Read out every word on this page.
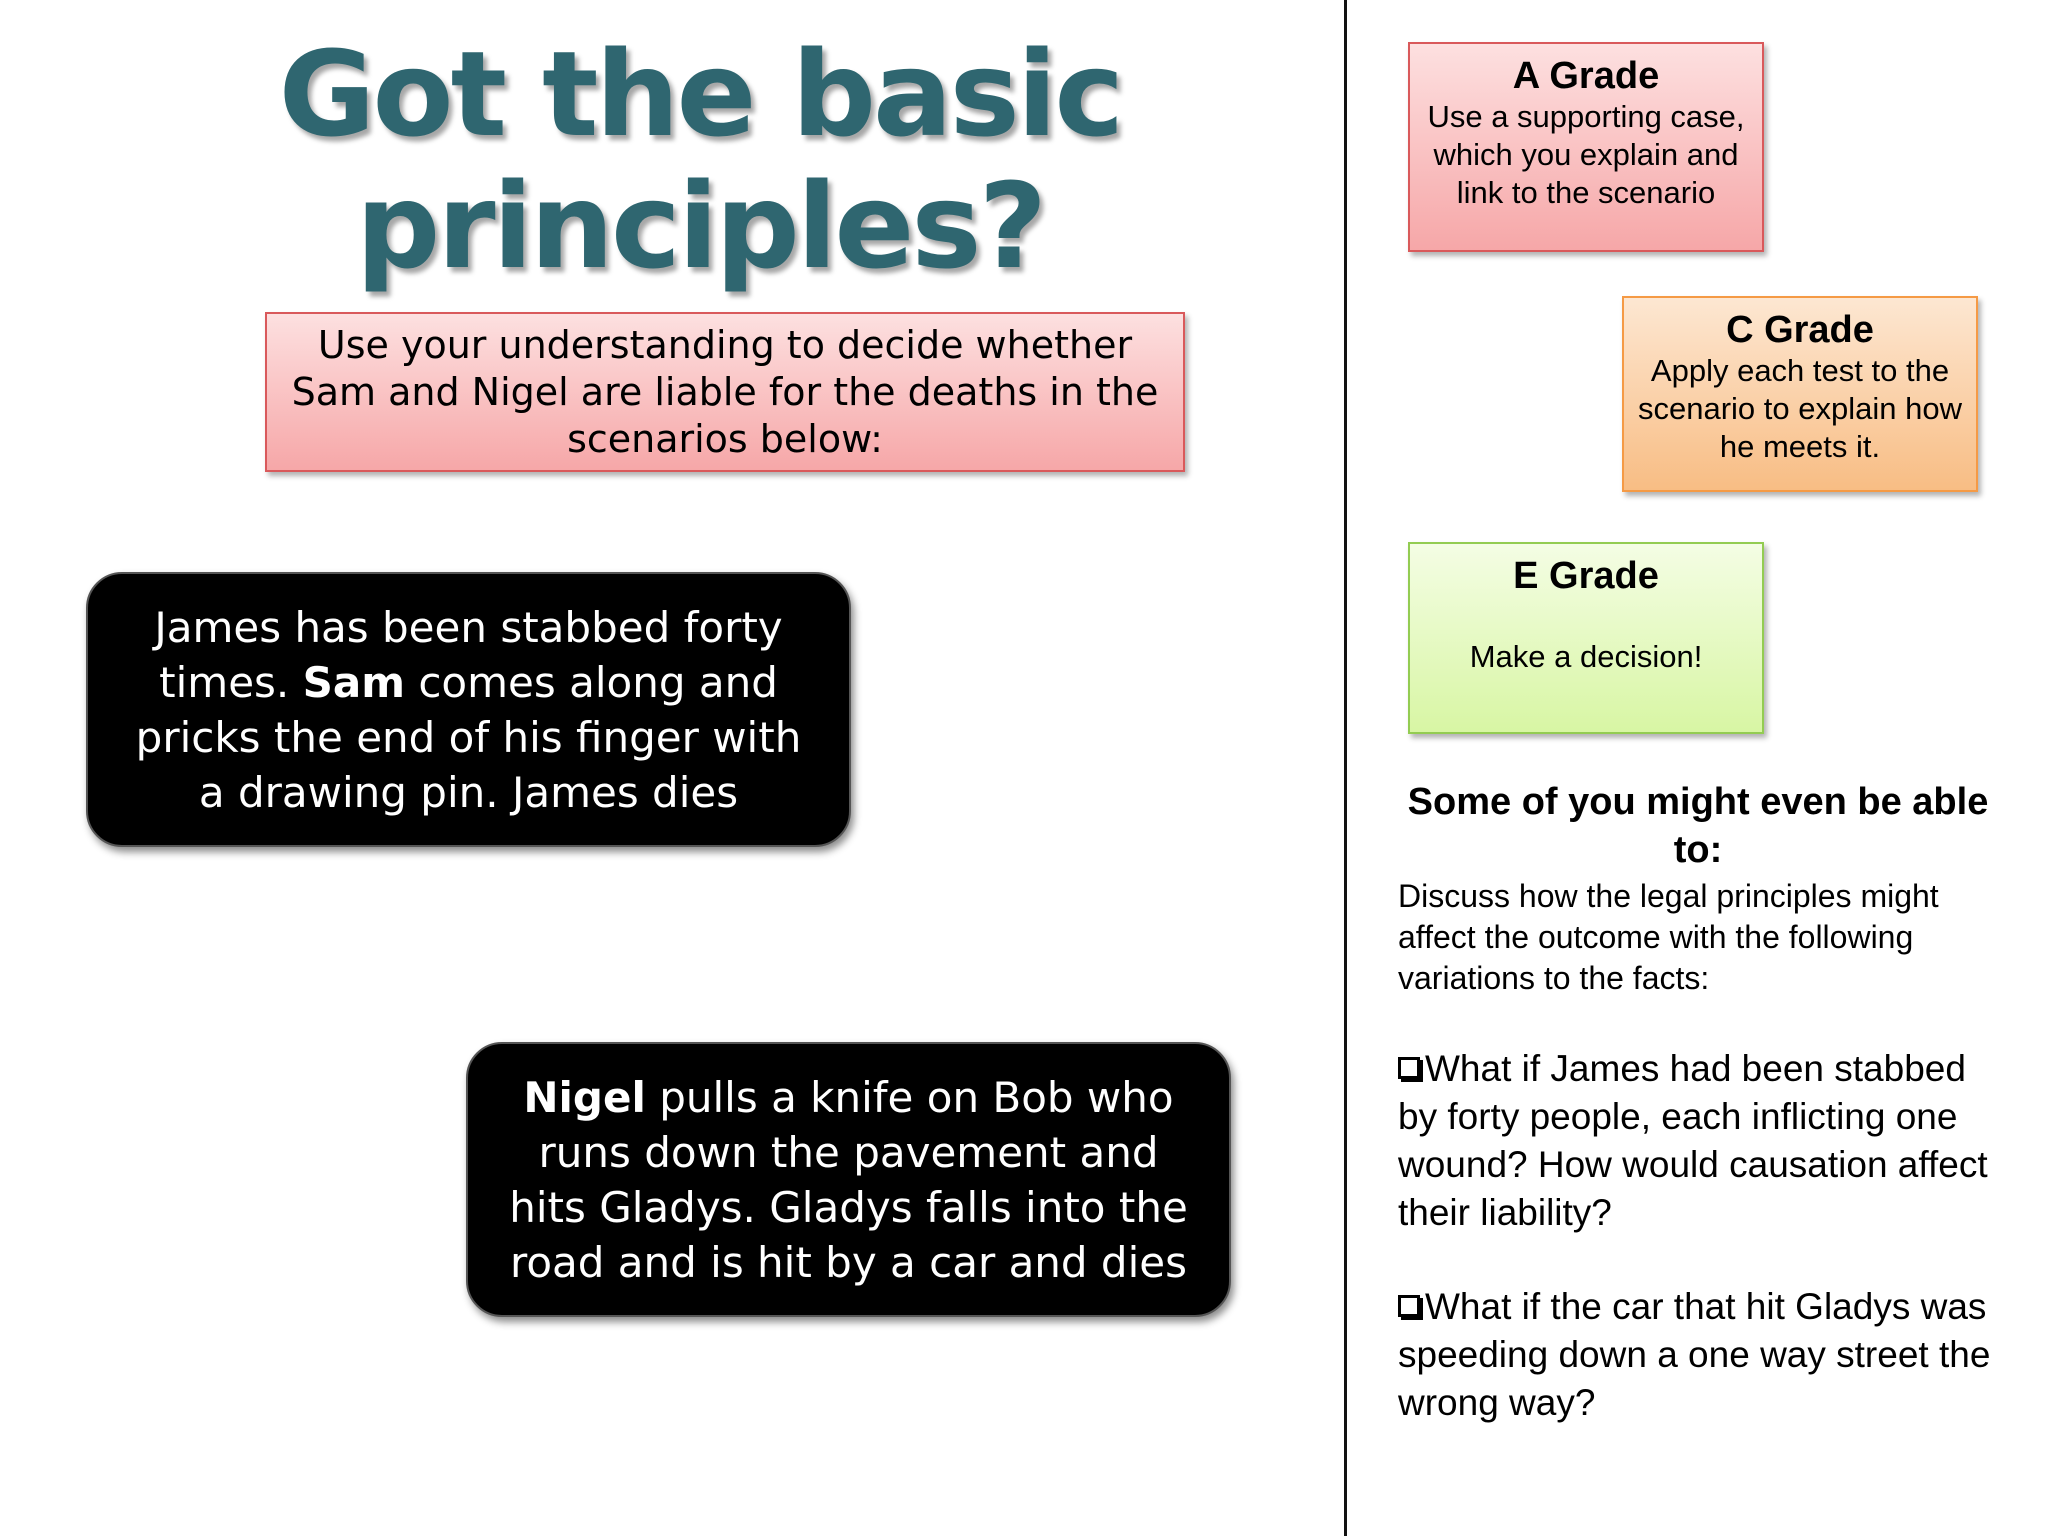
Got the basic
principles?
Use your understanding to decide whether Sam and Nigel are liable for the deaths in the scenarios below:
James has been stabbed forty times. Sam comes along and pricks the end of his finger with a drawing pin. James dies
Nigel pulls a knife on Bob who runs down the pavement and hits Gladys. Gladys falls into the road and is hit by a car and dies
A Grade
Use a supporting case, which you explain and link to the scenario
C Grade
Apply each test to the scenario to explain how he meets it.
E Grade
Make a decision!
Some of you might even be able to:
Discuss how the legal principles might affect the outcome with the following variations to the facts:
What if James had been stabbed by forty people, each inflicting one wound? How would causation affect their liability?
What if the car that hit Gladys was speeding down a one way street the wrong way?
